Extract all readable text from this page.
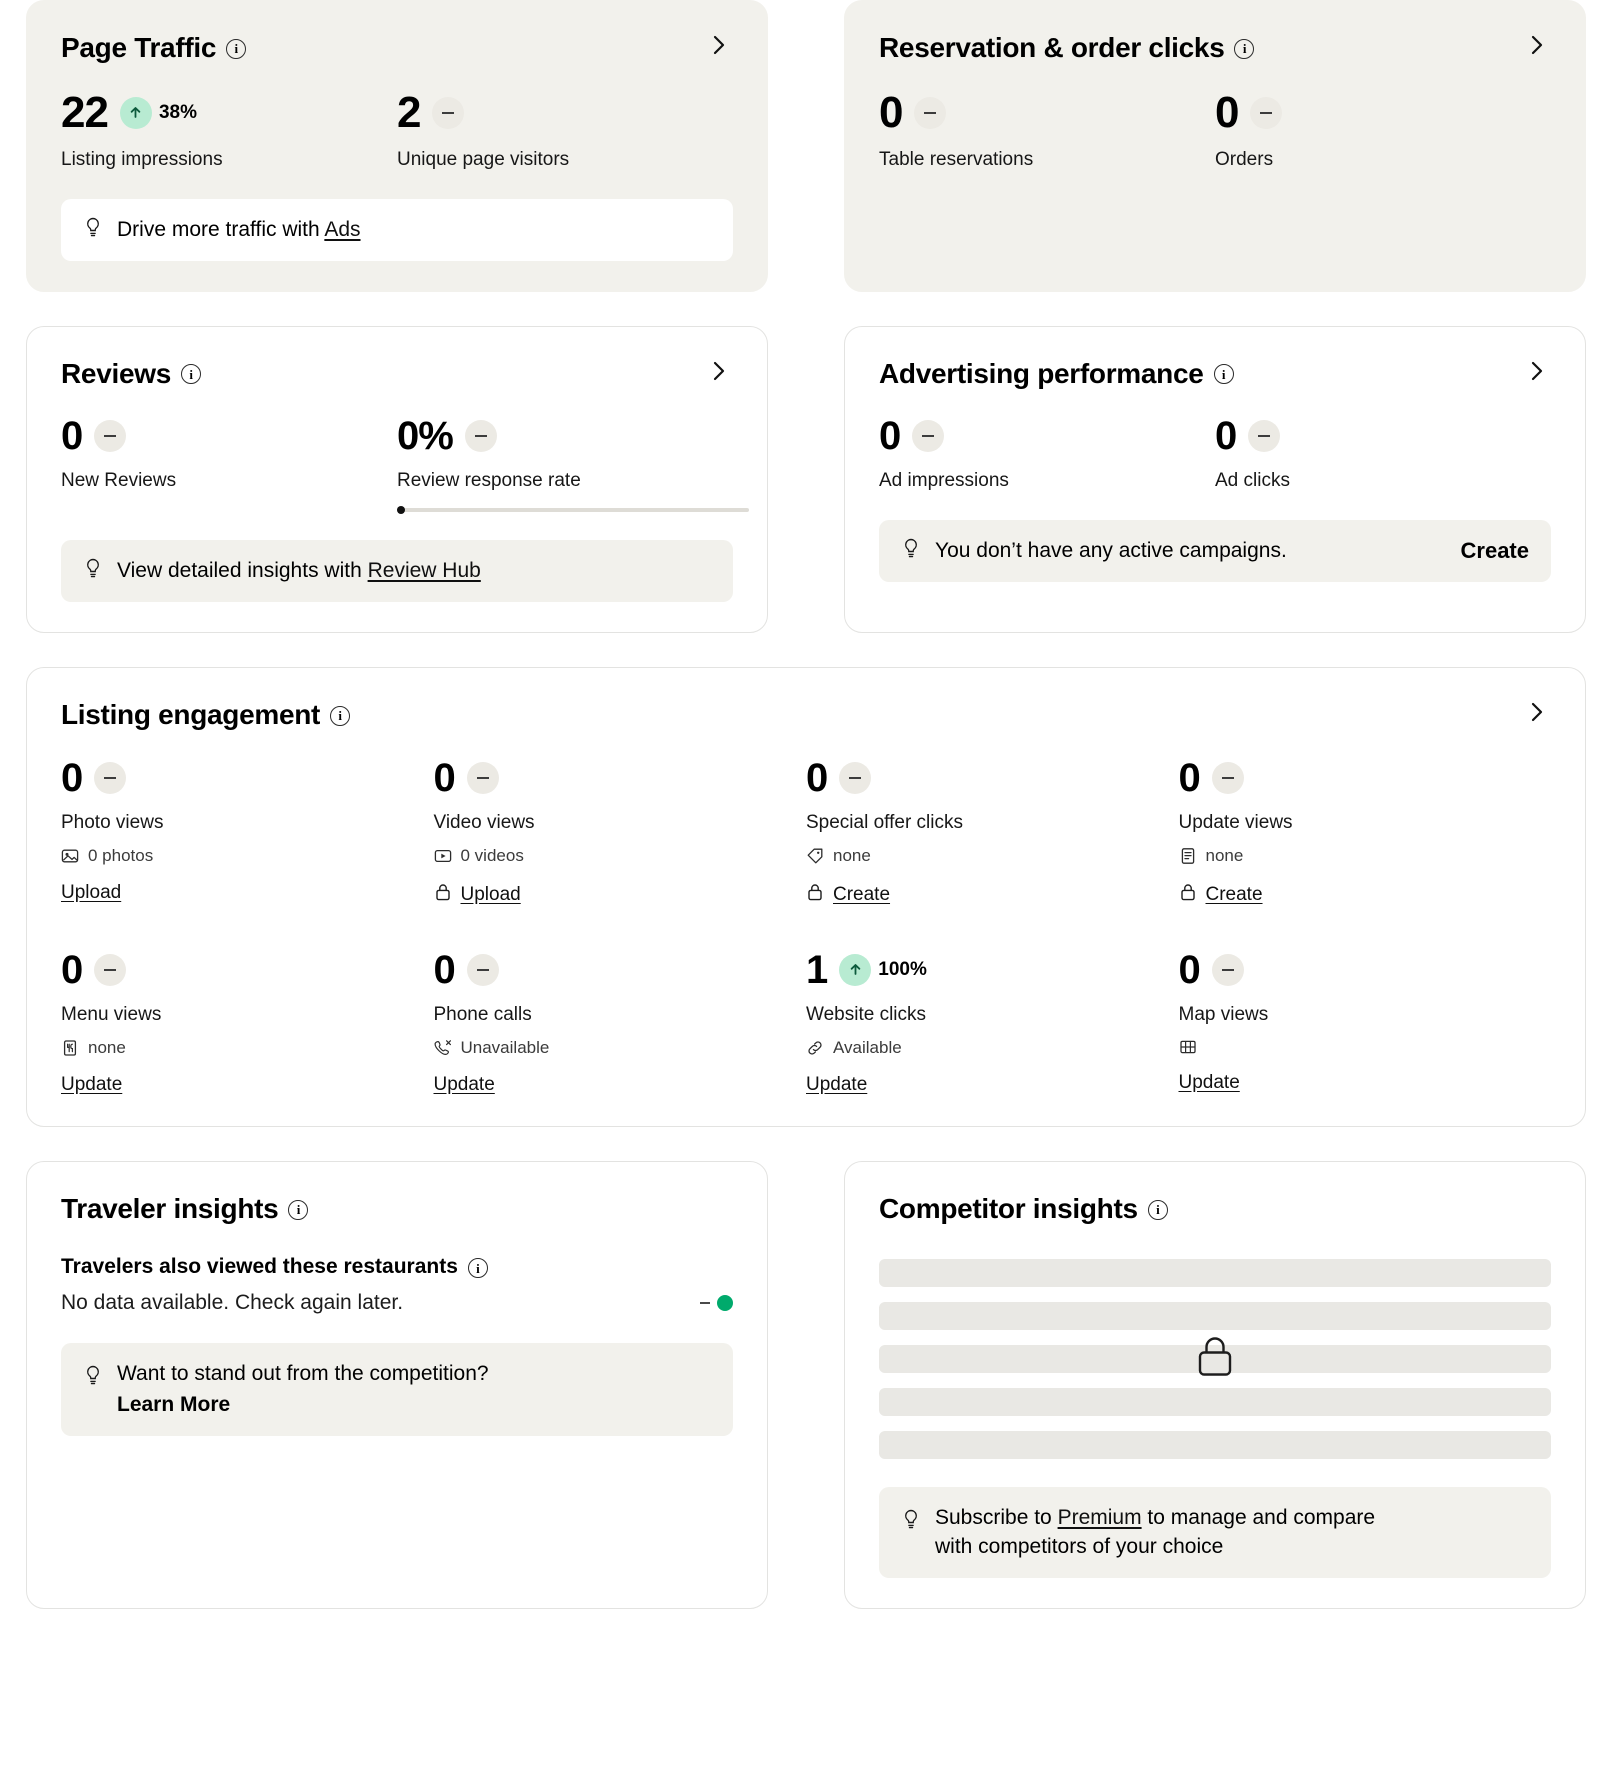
Page Traffic	i
22	38%
Listing impressions
2
Unique page visitors
Drive more traffic with Ads
Reservation & order clicks	i
0
Table reservations
0
Orders
Reviews	i
0
New Reviews
0%
Review response rate
View detailed insights with Review Hub
Advertising performance	i
0
Ad impressions
0
Ad clicks
You don’t have any active campaigns.	Create
Listing engagement	i
0
Photo views
0 photos
Upload
0
Video views
0 videos
Upload
0
Special offer clicks
none
Create
0
Update views
none
Create
0
Menu views
none
Update
0
Phone calls
Unavailable
Update
1	100%
Website clicks
Available
Update
0
Map views
Update
Traveler insights	i
Travelers also viewed these restaurants	i
No data available. Check again later.
Want to stand out from the competition?
Learn More
Competitor insights	i
Subscribe to Premium to manage and compare
with competitors of your choice
